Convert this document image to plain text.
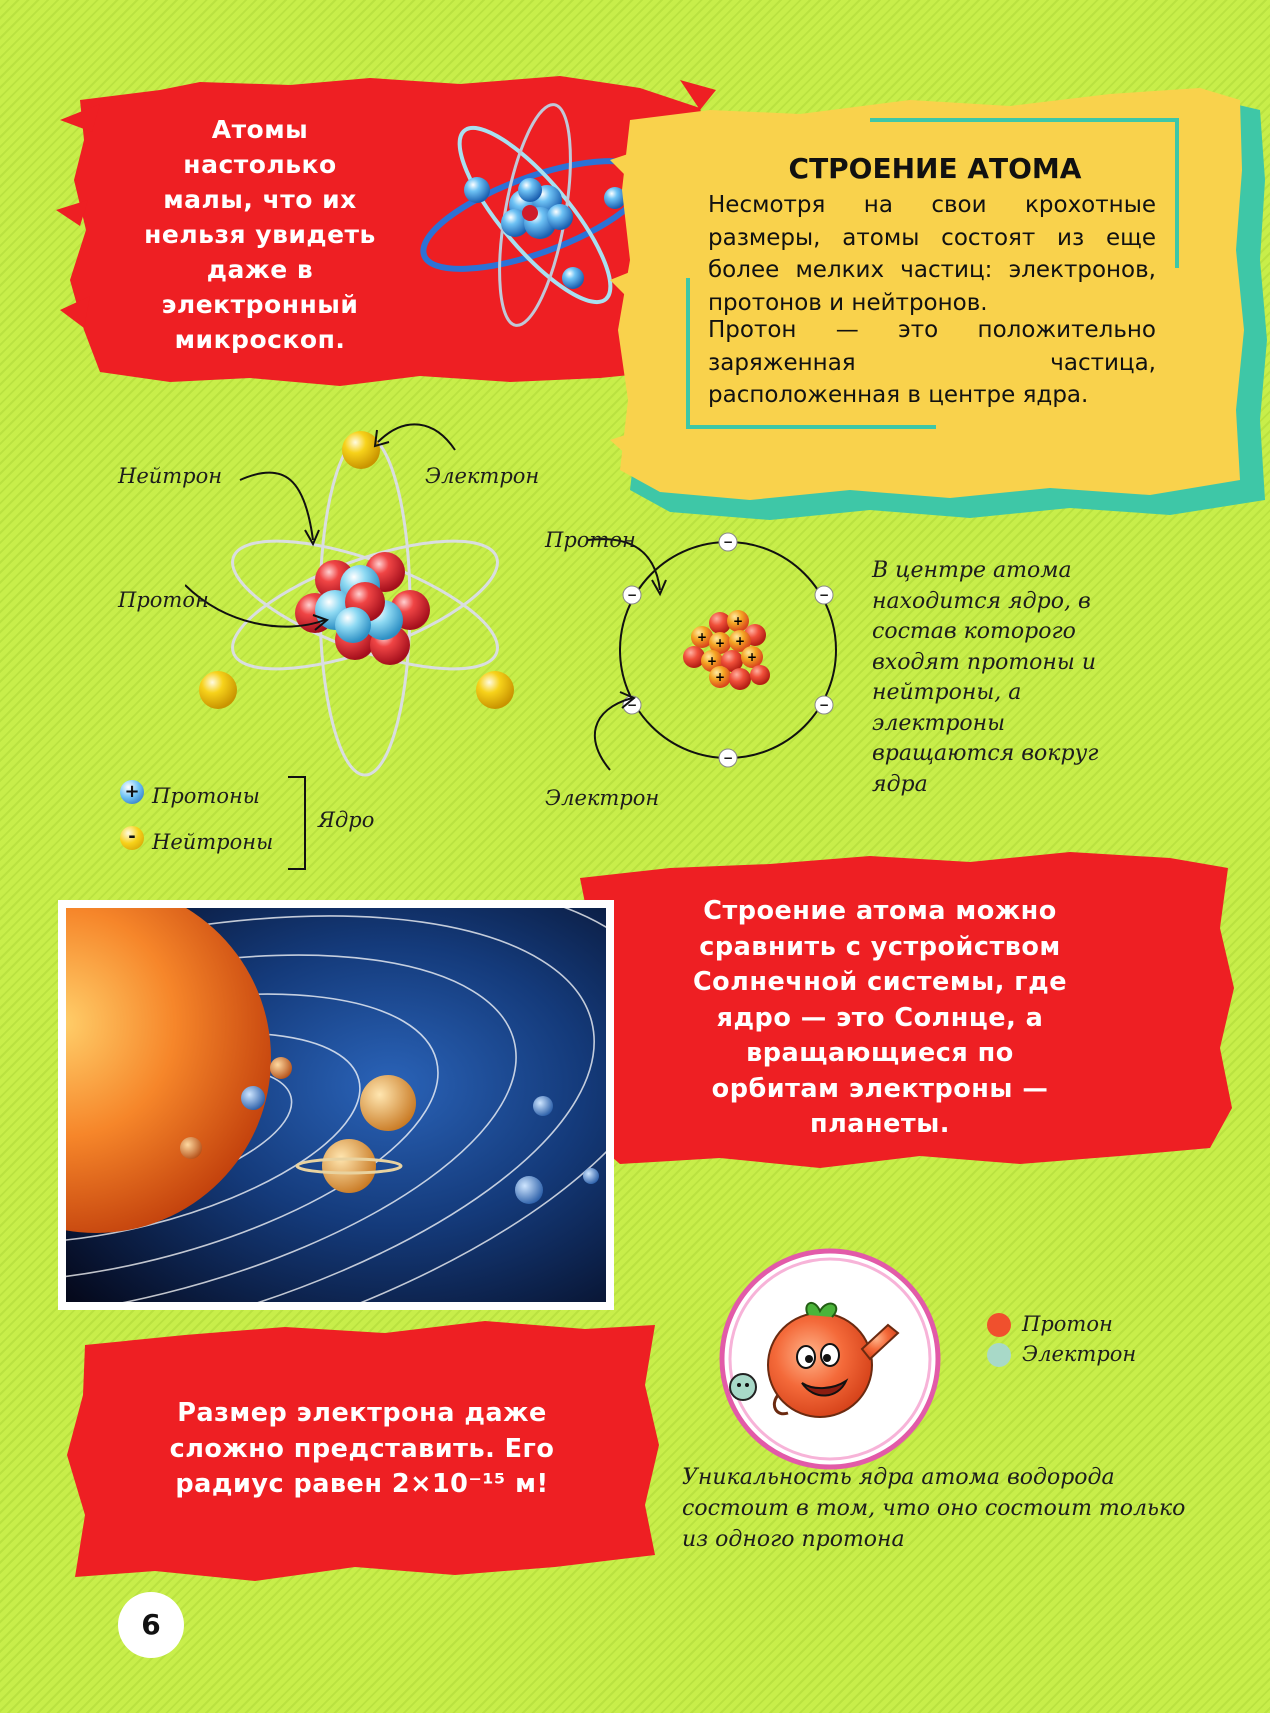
Атомы настолько малы, что их нельзя увидеть даже в электронный микроскоп.
СТРОЕНИЕ АТОМА
Несмотря на свои крохотные размеры, атомы состоят из еще более мелких частиц: электронов, протонов и нейтронов.
Протон — это положительно заряженная частица, расположенная в центре ядра.
Нейтрон	Электрон
Протон
+ Протоны
- Нейтроны
Ядро
−
−	−
−	−
−
+
+ + +
+ +
+
Протон
Электрон
В центре атома находится ядро, в состав которого входят протоны и нейтроны, а электроны вращаются вокруг ядра
Строение атома можно сравнить с устройством Солнечной системы, где ядро — это Солнце, а вращающиеся по орбитам электроны — планеты.
Размер электрона даже сложно представить. Его радиус равен 2×10⁻¹⁵ м!
Протон
Электрон
Уникальность ядра атома водорода состоит в том, что оно состоит только из одного протона
6
